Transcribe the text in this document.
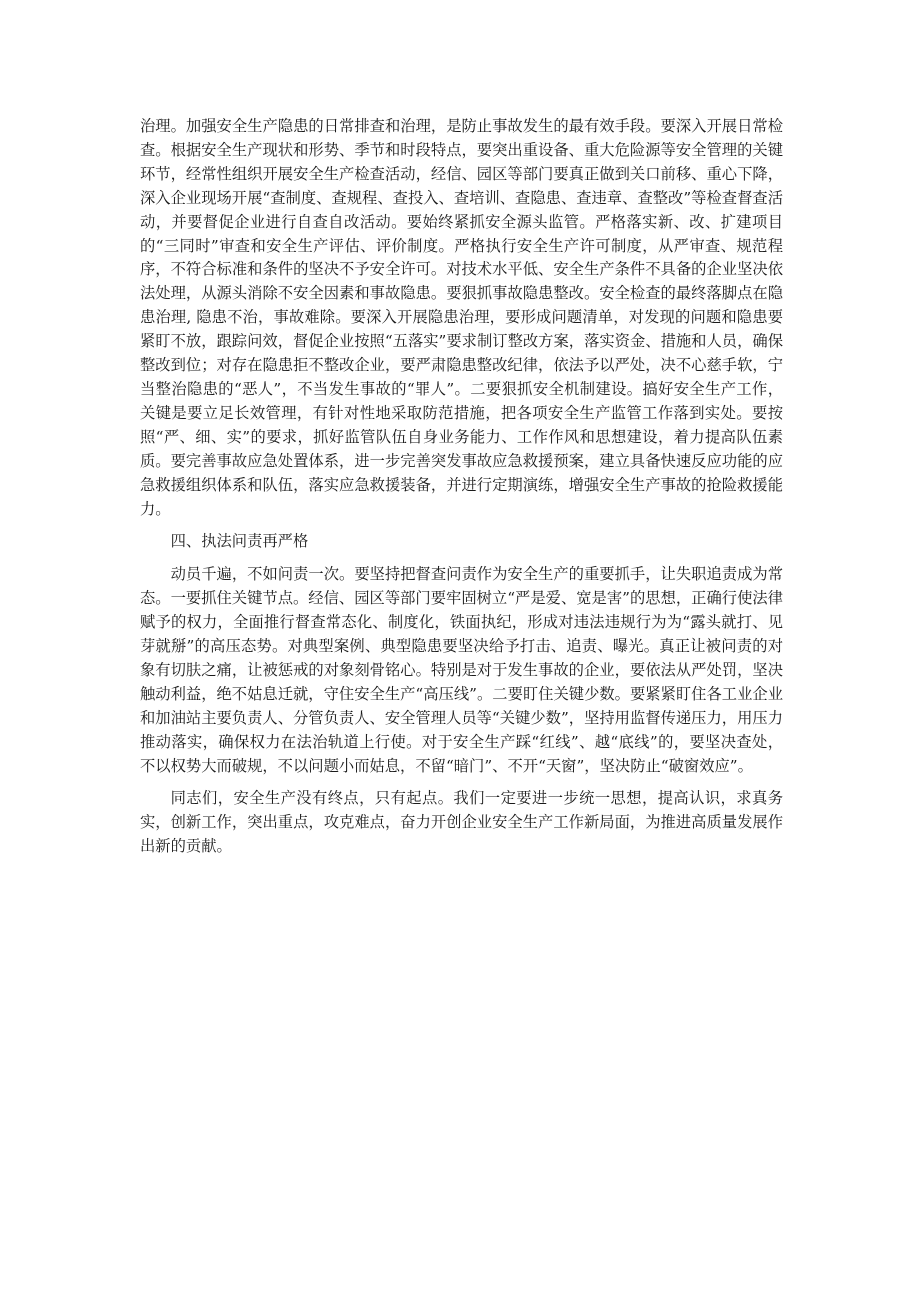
治理。加强安全生产隐患的日常排查和治理，是防止事故发生的最有效手段。要深入开展日常检查。根据安全生产现状和形势、季节和时段特点，要突出重设备、重大危险源等安全管理的关键环节，经常性组织开展安全生产检查活动，经信、园区等部门要真正做到关口前移、重心下降，深入企业现场开展“查制度、查规程、查投入、查培训、查隐患、查违章、查整改”等检查督查活动，并要督促企业进行自查自改活动。要始终紧抓安全源头监管。严格落实新、改、扩建项目的“三同时”审查和安全生产评估、评价制度。严格执行安全生产许可制度，从严审查、规范程序，不符合标准和条件的坚决不予安全许可。对技术水平低、安全生产条件不具备的企业坚决依法处理，从源头消除不安全因素和事故隐患。要狠抓事故隐患整改。安全检查的最终落脚点在隐患治理, 隐患不治，事故难除。要深入开展隐患治理，要形成问题清单，对发现的问题和隐患要紧盯不放，跟踪问效，督促企业按照“五落实”要求制订整改方案，落实资金、措施和人员，确保整改到位；对存在隐患拒不整改企业，要严肃隐患整改纪律，依法予以严处，决不心慈手软，宁当整治隐患的“恶人”，不当发生事故的“罪人”。二要狠抓安全机制建设。搞好安全生产工作，关键是要立足长效管理，有针对性地采取防范措施，把各项安全生产监管工作落到实处。要按照“严、细、实”的要求，抓好监管队伍自身业务能力、工作作风和思想建设，着力提高队伍素质。要完善事故应急处置体系，进一步完善突发事故应急救援预案，建立具备快速反应功能的应急救援组织体系和队伍，落实应急救援装备，并进行定期演练，增强安全生产事故的抢险救援能力。

四、执法问责再严格

动员千遍，不如问责一次。要坚持把督查问责作为安全生产的重要抓手，让失职追责成为常态。一要抓住关键节点。经信、园区等部门要牢固树立“严是爱、宽是害”的思想，正确行使法律赋予的权力，全面推行督查常态化、制度化，铁面执纪，形成对违法违规行为为“露头就打、见芽就掰”的高压态势。对典型案例、典型隐患要坚决给予打击、追责、曝光。真正让被问责的对象有切肤之痛，让被惩戒的对象刻骨铭心。特别是对于发生事故的企业，要依法从严处罚，坚决触动利益，绝不姑息迁就，守住安全生产“高压线”。二要盯住关键少数。要紧紧盯住各工业企业和加油站主要负责人、分管负责人、安全管理人员等“关键少数”，坚持用监督传递压力，用压力推动落实，确保权力在法治轨道上行使。对于安全生产踩“红线”、越“底线”的，要坚决查处，不以权势大而破规，不以问题小而姑息，不留“暗门”、不开“天窗”，坚决防止“破窗效应”。

同志们，安全生产没有终点，只有起点。我们一定要进一步统一思想，提高认识，求真务实，创新工作，突出重点，攻克难点，奋力开创企业安全生产工作新局面，为推进高质量发展作出新的贡献。
